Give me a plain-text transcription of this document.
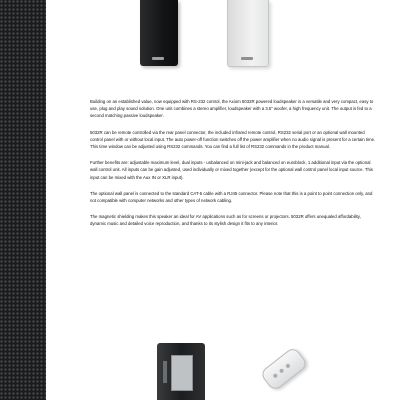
Building on an established value, now equipped with RS-232 control, the Axiom 5032R powered loudspeaker is a versatile and very compact, easy to use, plug and play sound solution. One unit combines a stereo amplifier, loudspeaker with a 3.5" woofer, a high frequency unit. The output is fed to a second matching passive loudspeaker.

5032R can be remote controlled via the rear panel connector, the included infrared remote control, RS232 serial port or an optional wall mounted control panel with or without local input. The auto power-off function switches off the power amplifier when no audio signal is present for a certain time. This time window can be adjusted using RS232 commands. You can find a full list of RS232 commands in the product manual.

Further benefits are: adjustable maximum level, dual inputs - unbalanced on mini-jack and balanced on euroblock, 1 additional input via the optional wall control unit. All inputs can be gain adjusted, used individually or mixed together (except for the optional wall control panel local input source. This input can be mixed with the Aux IN or XLR input).

The optional wall panel is connected to the standard CAT-5 cable with a RJ45 connector. Please note that this is a point to point connection only, and not compatible with computer networks and other types of network cabling.

The magnetic shielding makes this speaker an ideal for AV applications such as for screens or projectors. 5032R offers unequaled affordability, dynamic music and detailed voice reproduction, and thanks to its stylish design it fits to any interior.
